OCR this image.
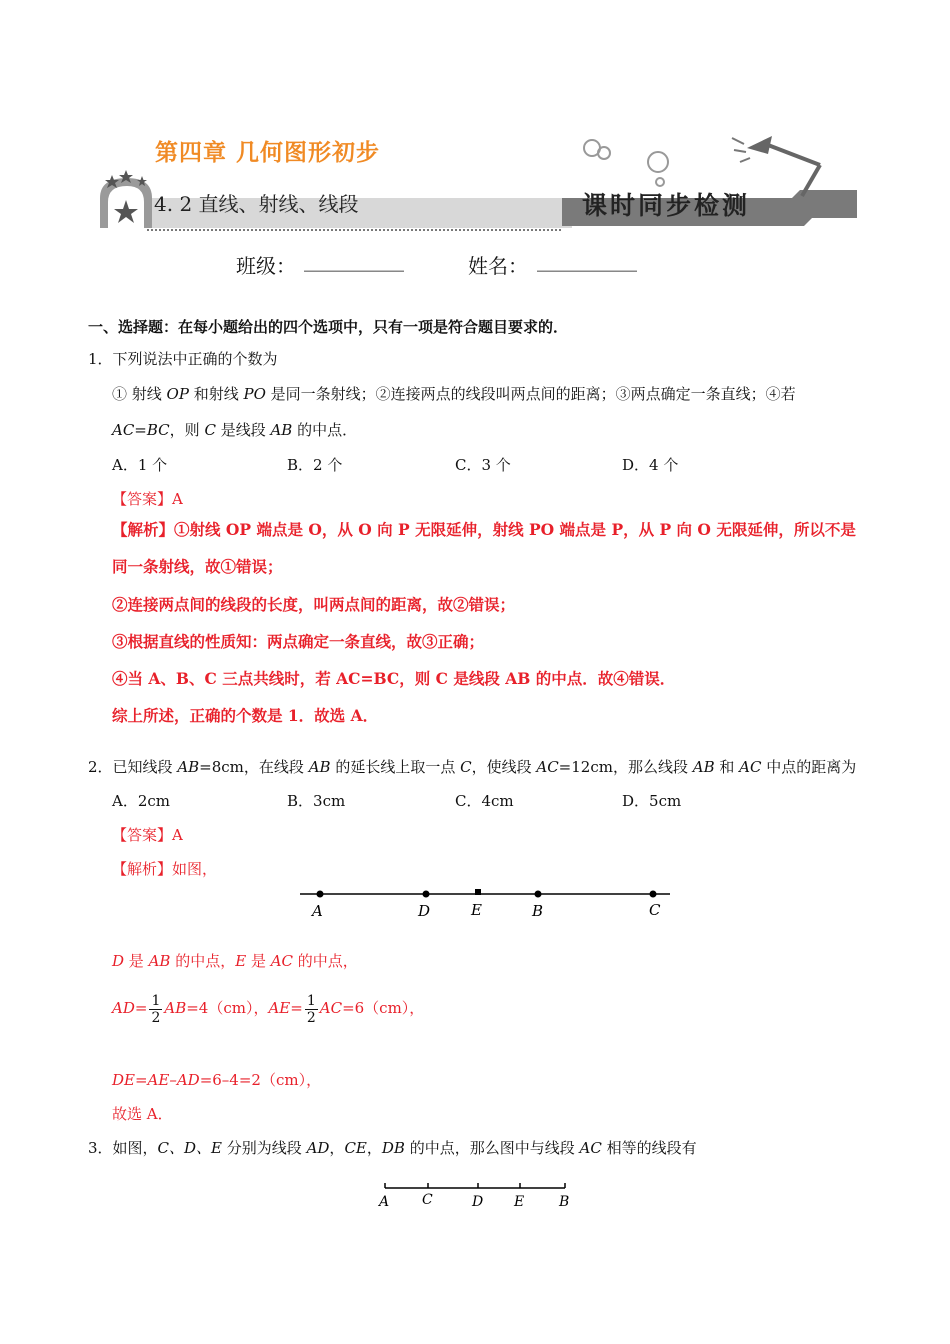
第四章 几何图形初步
4. 2 直线、射线、线段	课时同步检测
班级： __________	姓名： __________
一、选择题：在每小题给出的四个选项中，只有一项是符合题目要求的．
1．下列说法中正确的个数为
① 射线 OP 和射线 PO 是同一条射线；②连接两点的线段叫两点间的距离；③两点确定一条直线；④若
AC=BC，则 C 是线段 AB 的中点．
A．1 个	B．2 个	C．3 个	D．4 个
【答案】A
【解析】①射线 OP 端点是 O，从 O 向 P 无限延伸，射线 PO 端点是 P，从 P 向 O 无限延伸，所以不是
同一条射线，故①错误；
②连接两点间的线段的长度，叫两点间的距离，故②错误；
③根据直线的性质知：两点确定一条直线，故③正确；
④当 A、B、C 三点共线时，若 AC=BC，则 C 是线段 AB 的中点．故④错误．
综上所述，正确的个数是 1．故选 A．
2．已知线段 AB=8cm，在线段 AB 的延长线上取一点 C，使线段 AC=12cm，那么线段 AB 和 AC 中点的距离为
A．2cm	B．3cm	C．4cm	D．5cm
【答案】A
【解析】如图，
A	D	E	B	C
D 是 AB 的中点，E 是 AC 的中点，
$AD= \frac{1}{2} AB=4(cm)$，$AE= \frac{1}{2} AC=6(cm)$，
DE=AE–AD=6–4=2（cm），
故选 A．
3．如图，C、D、E 分别为线段 AD，CE，DB 的中点，那么图中与线段 AC 相等的线段有
A C	D E B
